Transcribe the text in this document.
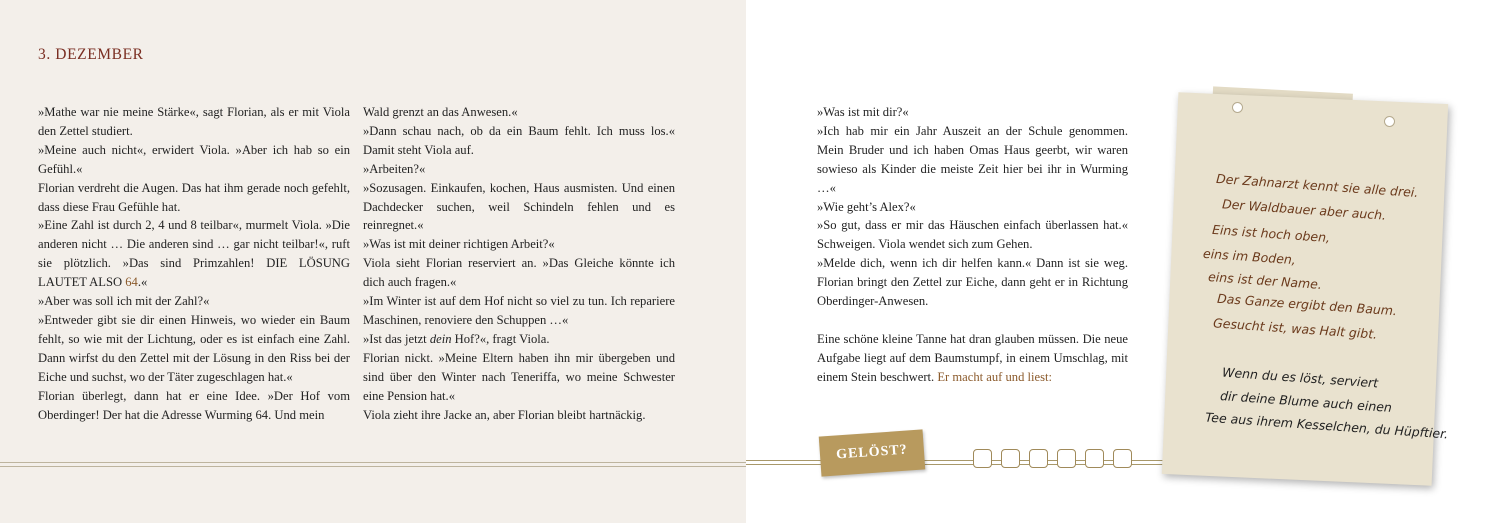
3. DEZEMBER

»Mathe war nie meine Stärke«, sagt Florian, als er mit Viola den Zettel studiert.

»Meine auch nicht«, erwidert Viola. »Aber ich hab so ein Gefühl.«

Florian verdreht die Augen. Das hat ihm gerade noch gefehlt, dass diese Frau Gefühle hat.

»Eine Zahl ist durch 2, 4 und 8 teilbar«, murmelt Viola. »Die anderen nicht … Die anderen sind … gar nicht teilbar!«, ruft sie plötzlich. »Das sind Primzahlen! DIE LÖSUNG LAUTET ALSO 64.«

»Aber was soll ich mit der Zahl?«

»Entweder gibt sie dir einen Hinweis, wo wieder ein Baum fehlt, so wie mit der Lichtung, oder es ist einfach eine Zahl. Dann wirfst du den Zettel mit der Lösung in den Riss bei der Eiche und suchst, wo der Täter zugeschlagen hat.«

Florian überlegt, dann hat er eine Idee. »Der Hof vom Oberdinger! Der hat die Adresse Wurming 64. Und mein

Wald grenzt an das Anwesen.«

»Dann schau nach, ob da ein Baum fehlt. Ich muss los.« Damit steht Viola auf.

»Arbeiten?«

»Sozusagen. Einkaufen, kochen, Haus ausmisten. Und einen Dachdecker suchen, weil Schindeln fehlen und es reinregnet.«

»Was ist mit deiner richtigen Arbeit?«

Viola sieht Florian reserviert an. »Das Gleiche könnte ich dich auch fragen.«

»Im Winter ist auf dem Hof nicht so viel zu tun. Ich repariere Maschinen, renoviere den Schuppen …«

»Ist das jetzt dein Hof?«, fragt Viola.

Florian nickt. »Meine Eltern haben ihn mir übergeben und sind über den Winter nach Teneriffa, wo meine Schwester eine Pension hat.«

Viola zieht ihre Jacke an, aber Florian bleibt hartnäckig.

»Was ist mit dir?«

»Ich hab mir ein Jahr Auszeit an der Schule genommen. Mein Bruder und ich haben Omas Haus geerbt, wir waren sowieso als Kinder die meiste Zeit hier bei ihr in Wurming …«

»Wie geht’s Alex?«

»So gut, dass er mir das Häuschen einfach überlassen hat.« Schweigen. Viola wendet sich zum Gehen.

»Melde dich, wenn ich dir helfen kann.« Dann ist sie weg. Florian bringt den Zettel zur Eiche, dann geht er in Richtung Oberdinger-Anwesen.

Eine schöne kleine Tanne hat dran glauben müssen. Die neue Aufgabe liegt auf dem Baumstumpf, in einem Umschlag, mit einem Stein beschwert. Er macht auf und liest:

GELÖST?
Der Zahnarzt kennt sie alle drei.
Der Waldbauer aber auch.
Eins ist hoch oben,
eins im Boden,
eins ist der Name.
Das Ganze ergibt den Baum.
Gesucht ist, was Halt gibt.
Wenn du es löst, serviert
dir deine Blume auch einen
Tee aus ihrem Kesselchen, du Hüpftier.
